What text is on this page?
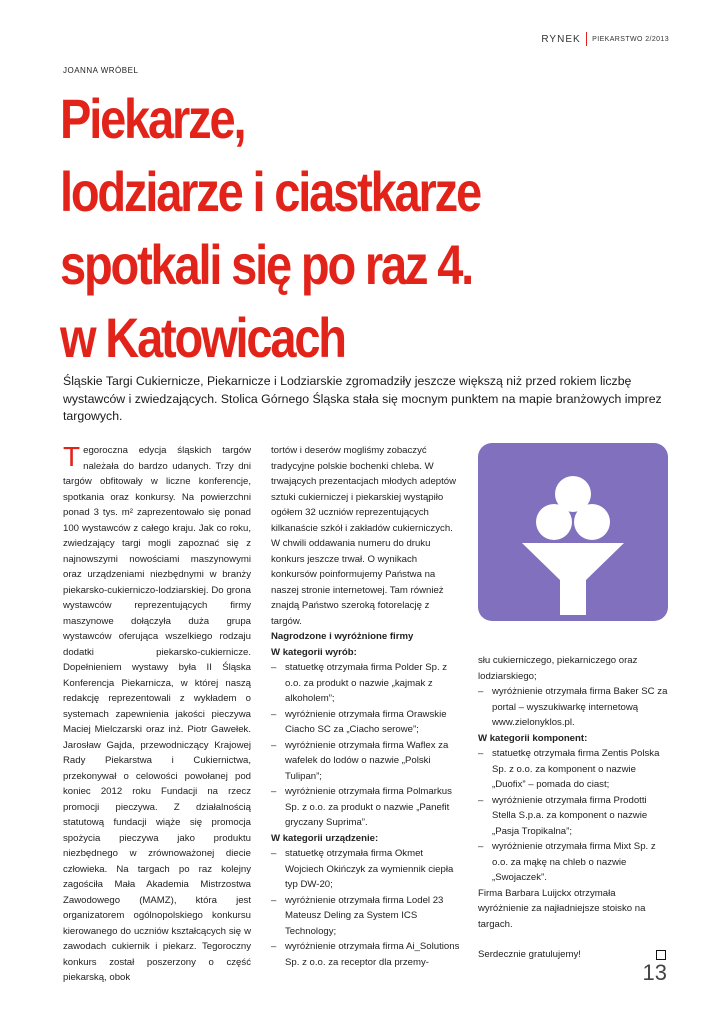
RYNEK PIEKARSTWO 2/2013
JOANNA WRÓBEL
Piekarze,
lodziarze i ciastkarze
spotkali się po raz 4.
w Katowicach

Śląskie Targi Cukiernicze, Piekarnicze i Lodziarskie zgromadziły jeszcze większą niż przed rokiem liczbę wystawców i zwiedzających. Stolica Górnego Śląska stała się mocnym punktem na mapie branżowych imprez targowych.

T egoroczna edycja śląskich targów należała do bardzo udanych. Trzy dni targów obfitowały w liczne konferencje, spotkania oraz konkursy. Na powierzchni ponad 3 tys. m² zaprezentowało się ponad 100 wystawców z całego kraju. Jak co roku, zwiedzający targi mogli zapoznać się z najnowszymi nowościami maszynowymi oraz urządzeniami niezbędnymi w branży piekarsko-cukierniczo-lodziarskiej. Do grona wystawców reprezentujących firmy maszynowe dołączyła duża grupa wystawców oferująca wszelkiego rodzaju dodatki piekarsko-cukiernicze. Dopełnieniem wystawy była II Śląska Konferencja Piekarnicza, w której naszą redakcję reprezentowali z wykładem o systemach zapewnienia jakości pieczywa Maciej Mielczarski oraz inż. Piotr Gawełek. Jarosław Gajda, przewodniczący Krajowej Rady Piekarstwa i Cukiernictwa, przekonywał o celowości powołanej pod koniec 2012 roku Fundacji na rzecz promocji pieczywa. Z działalnością statutową fundacji wiąże się promocja spożycia pieczywa jako produktu niezbędnego w zrównoważonej diecie człowieka. Na targach po raz kolejny zagościła Mała Akademia Mistrzostwa Zawodowego (MAMZ), która jest organizatorem ogólnopolskiego konkursu kierowanego do uczniów kształcących się w zawodach cukiernik i piekarz. Tegoroczny konkurs został poszerzony o część piekarską, obok

tortów i deserów mogliśmy zobaczyć tradycyjne polskie bochenki chleba. W trwających prezentacjach młodych adeptów sztuki cukierniczej i piekarskiej wystąpiło ogółem 32 uczniów reprezentujących kilkanaście szkół i zakładów cukierniczych. W chwili oddawania numeru do druku konkurs jeszcze trwał. O wynikach konkursów poinformujemy Państwa na naszej stronie internetowej. Tam również znajdą Państwo szeroką fotorelację z targów.

Nagrodzone i wyróżnione firmy

W kategorii wyrób:

– statuetkę otrzymała firma Polder Sp. z o.o. za produkt o nazwie „kajmak z alkoholem”;
– wyróżnienie otrzymała firma Orawskie Ciacho SC za „Ciacho serowe”;
– wyróżnienie otrzymała firma Waflex za wafelek do lodów o nazwie „Polski Tulipan”;
– wyróżnienie otrzymała firma Polmarkus Sp. z o.o. za produkt o nazwie „Panefit gryczany Suprima”.

W kategorii urządzenie:

– statuetkę otrzymała firma Okmet Wojciech Okińczyk za wymiennik ciepła typ DW-20;
– wyróżnienie otrzymała firma Lodel 23 Mateusz Deling za System ICS Technology;
– wyróżnienie otrzymała firma Ai_Solutions Sp. z o.o. za receptor dla przemy-

słu cukierniczego, piekarniczego oraz lodziarskiego;

– wyróżnienie otrzymała firma Baker SC za portal – wyszukiwarkę internetową www.zielonyklos.pl.

W kategorii komponent:

– statuetkę otrzymała firma Zentis Polska Sp. z o.o. za komponent o nazwie „Duofix” – pomada do ciast;
– wyróżnienie otrzymała firma Prodotti Stella S.p.a. za komponent o nazwie „Pasja Tropikalna”;
– wyróżnienie otrzymała firma Mixt Sp. z o.o. za mąkę na chleb o nazwie „Swojaczek”.

Firma Barbara Luijckx otrzymała wyróżnienie za najładniejsze stoisko na targach.

Serdecznie gratulujemy!
13
